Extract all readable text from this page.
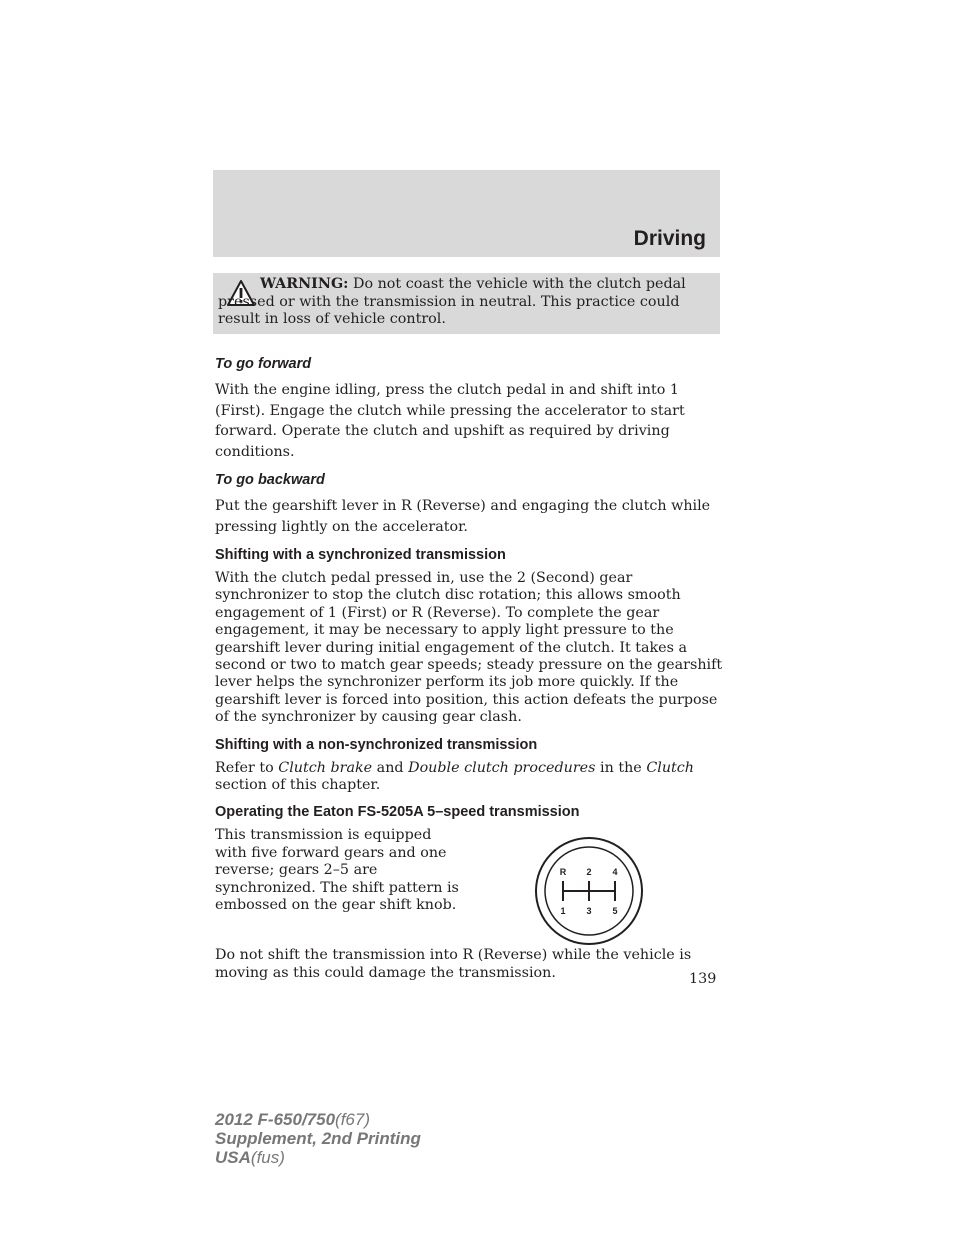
Driving
WARNING: Do not coast the vehicle with the clutch pedal pressed or with the transmission in neutral. This practice could result in loss of vehicle control.
To go forward

With the engine idling, press the clutch pedal in and shift into 1 (First). Engage the clutch while pressing the accelerator to start forward. Operate the clutch and upshift as required by driving conditions.

To go backward

Put the gearshift lever in R (Reverse) and engaging the clutch while pressing lightly on the accelerator.

Shifting with a synchronized transmission

With the clutch pedal pressed in, use the 2 (Second) gear synchronizer to stop the clutch disc rotation; this allows smooth engagement of 1 (First) or R (Reverse). To complete the gear engagement, it may be necessary to apply light pressure to the gearshift lever during initial engagement of the clutch. It takes a second or two to match gear speeds; steady pressure on the gearshift lever helps the synchronizer perform its job more quickly. If the gearshift lever is forced into position, this action defeats the purpose of the synchronizer by causing gear clash.

Shifting with a non-synchronized transmission

Refer to Clutch brake and Double clutch procedures in the Clutch section of this chapter.

Operating the Eaton FS-5205A 5–speed transmission

This transmission is equipped with five forward gears and one reverse; gears 2–5 are synchronized. The shift pattern is embossed on the gear shift knob.

R 2 4
1 3 5

Do not shift the transmission into R (Reverse) while the vehicle is moving as this could damage the transmission.	139
2012 F-650/750(f67)
Supplement, 2nd Printing
USA(fus)
